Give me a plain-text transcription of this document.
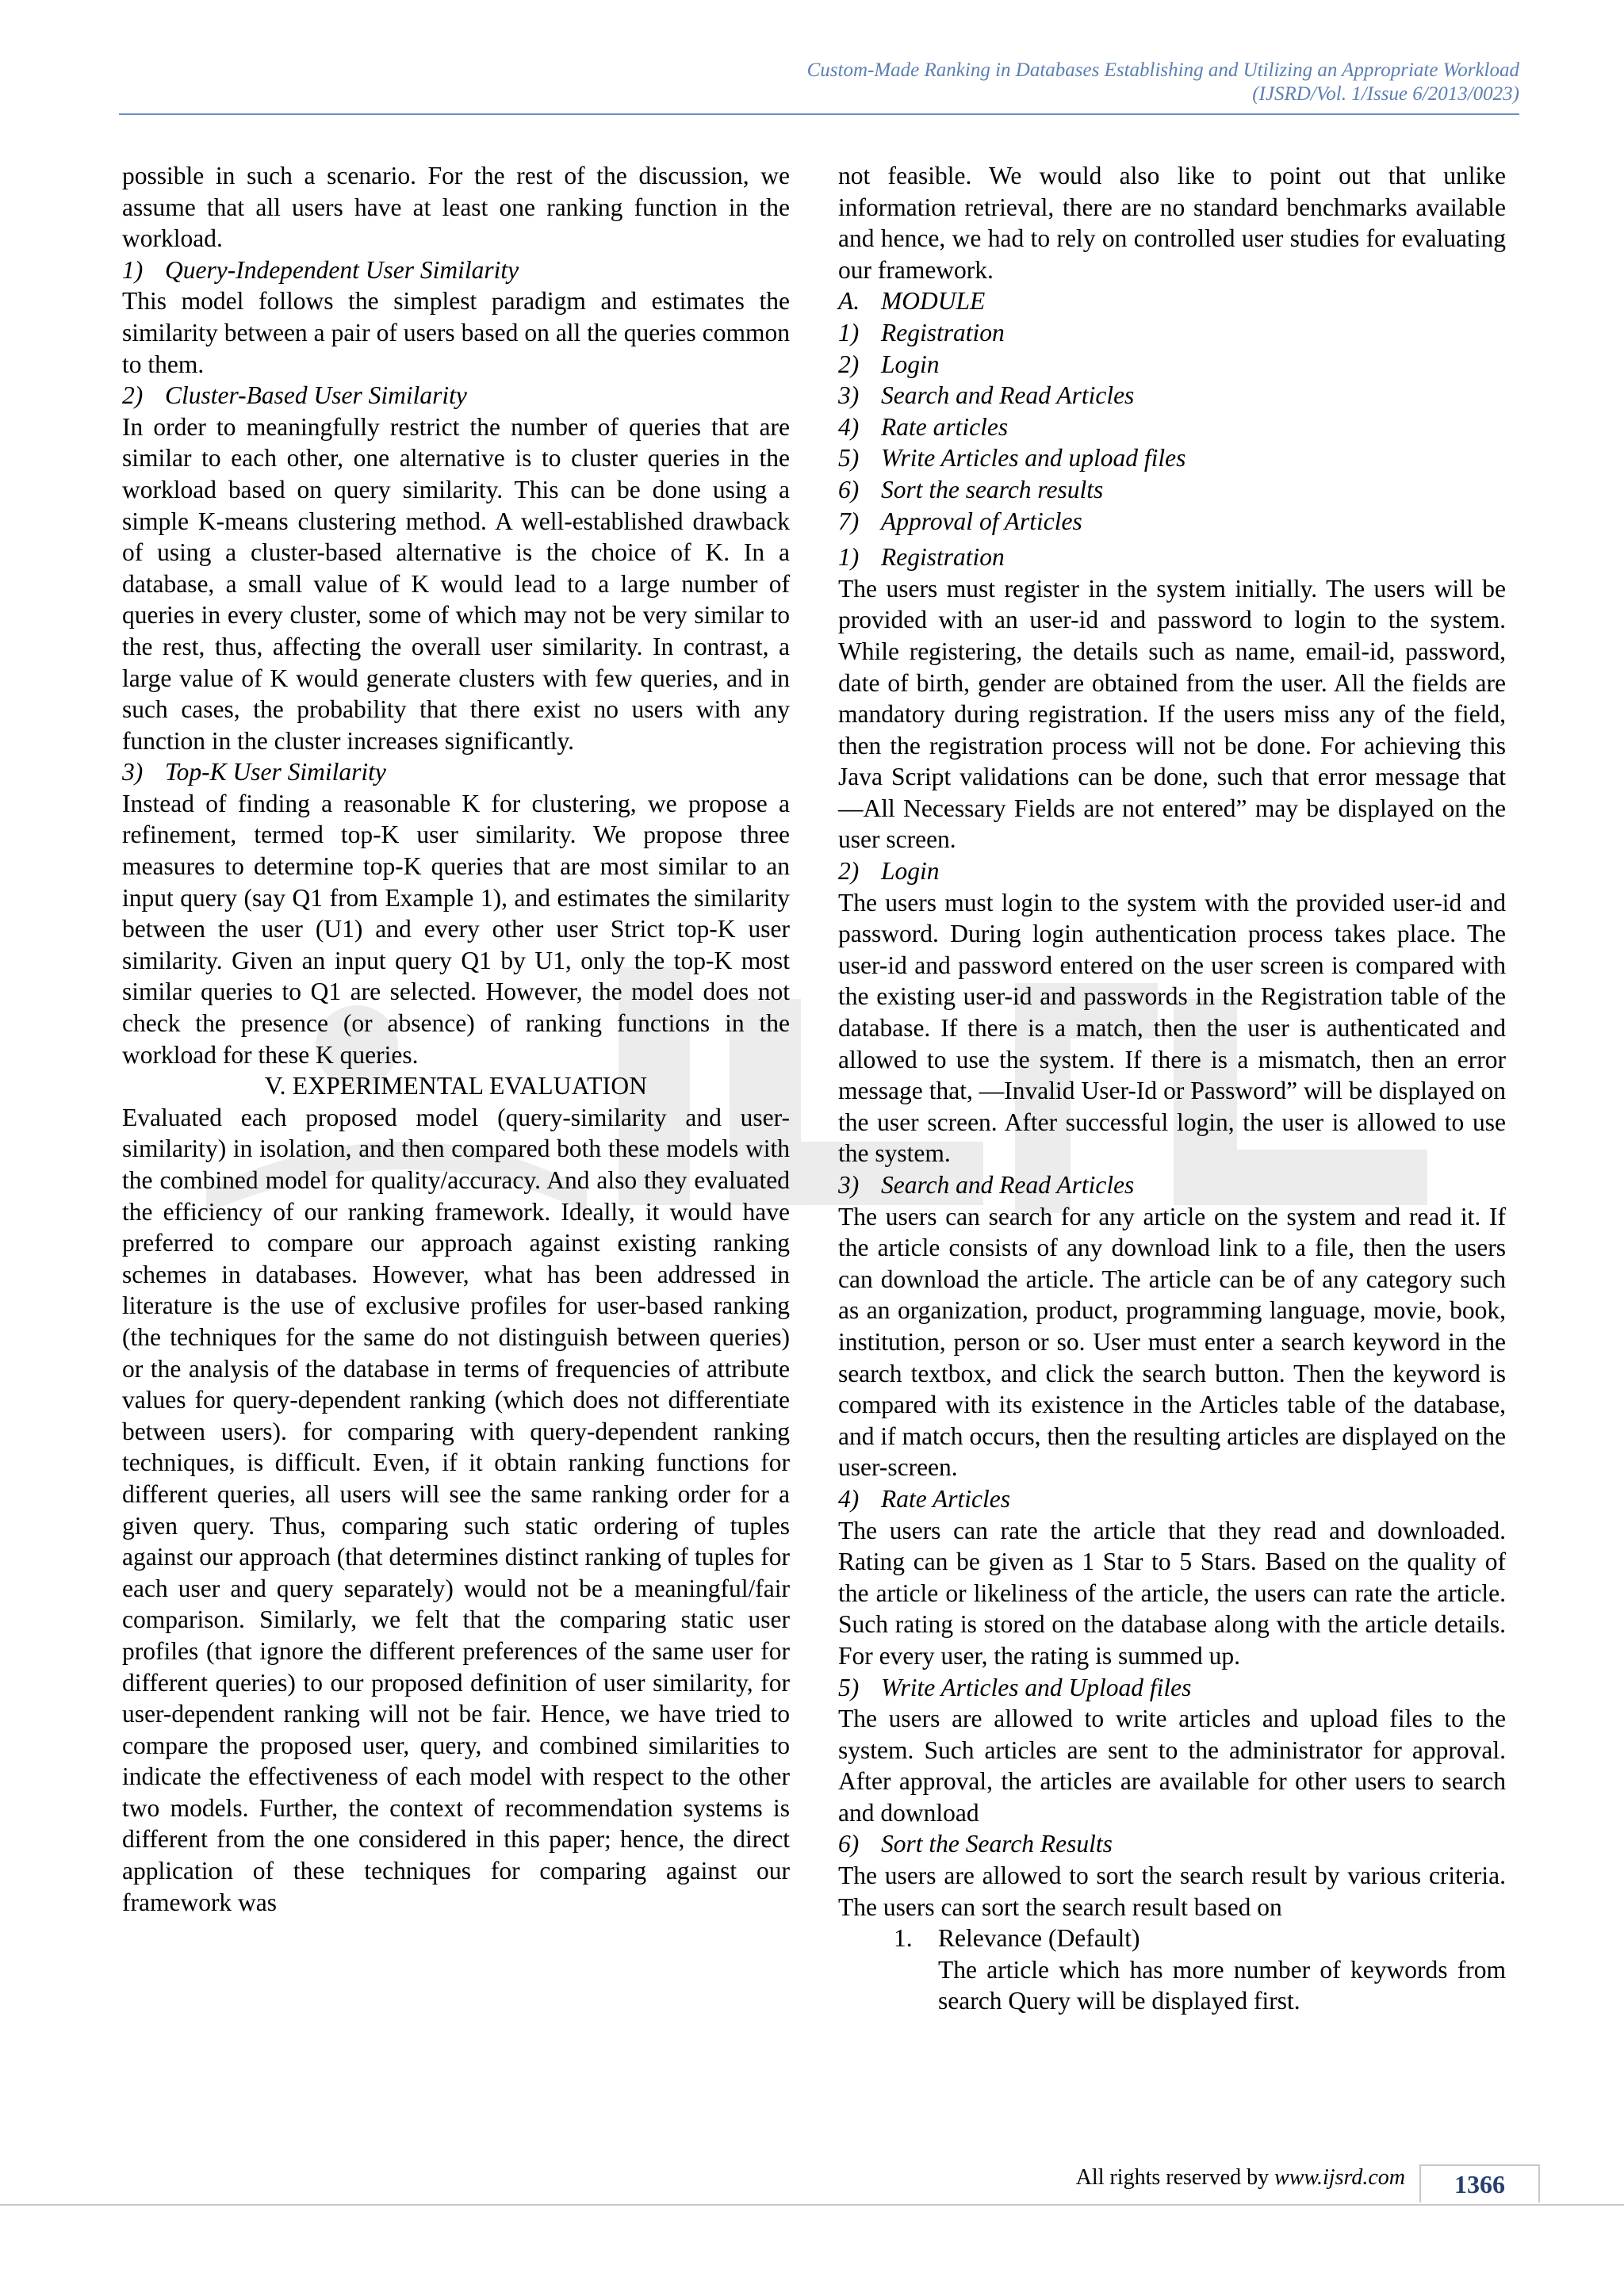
Custom-Made Ranking in Databases Establishing and Utilizing an Appropriate Workload
(IJSRD/Vol. 1/Issue 6/2013/0023)

possible in such a scenario. For the rest of the discussion, we assume that all users have at least one ranking function in the workload.

1) Query-Independent User Similarity

This model follows the simplest paradigm and estimates the similarity between a pair of users based on all the queries common to them.

2) Cluster-Based User Similarity

In order to meaningfully restrict the number of queries that are similar to each other, one alternative is to cluster queries in the workload based on query similarity. This can be done using a simple K-means clustering method. A well-established drawback of using a cluster-based alternative is the choice of K. In a database, a small value of K would lead to a large number of queries in every cluster, some of which may not be very similar to the rest, thus, affecting the overall user similarity. In contrast, a large value of K would generate clusters with few queries, and in such cases, the probability that there exist no users with any function in the cluster increases significantly.

3) Top-K User Similarity

Instead of finding a reasonable K for clustering, we propose a refinement, termed top-K user similarity. We propose three measures to determine top-K queries that are most similar to an input query (say Q1 from Example 1), and estimates the similarity between the user (U1) and every other user Strict top-K user similarity. Given an input query Q1 by U1, only the top-K most similar queries to Q1 are selected. However, the model does not check the presence (or absence) of ranking functions in the workload for these K queries.

V. EXPERIMENTAL EVALUATION

Evaluated each proposed model (query-similarity and user-similarity) in isolation, and then compared both these models with the combined model for quality/accuracy. And also they evaluated the efficiency of our ranking framework. Ideally, it would have preferred to compare our approach against existing ranking schemes in databases. However, what has been addressed in literature is the use of exclusive profiles for user-based ranking (the techniques for the same do not distinguish between queries) or the analysis of the database in terms of frequencies of attribute values for query-dependent ranking (which does not differentiate between users). for comparing with query-dependent ranking techniques, is difficult. Even, if it obtain ranking functions for different queries, all users will see the same ranking order for a given query. Thus, comparing such static ordering of tuples against our approach (that determines distinct ranking of tuples for each user and query separately) would not be a meaningful/fair comparison. Similarly, we felt that the comparing static user profiles (that ignore the different preferences of the same user for different queries) to our proposed definition of user similarity, for user-dependent ranking will not be fair. Hence, we have tried to compare the proposed user, query, and combined similarities to indicate the effectiveness of each model with respect to the other two models. Further, the context of recommendation systems is different from the one considered in this paper; hence, the direct application of these techniques for comparing against our framework was

not feasible. We would also like to point out that unlike information retrieval, there are no standard benchmarks available and hence, we had to rely on controlled user studies for evaluating our framework.

A. MODULE

1) Registration
2) Login
3) Search and Read Articles
4) Rate articles
5) Write Articles and upload files
6) Sort the search results
7) Approval of Articles

1) Registration

The users must register in the system initially. The users will be provided with an user-id and password to login to the system. While registering, the details such as name, email-id, password, date of birth, gender are obtained from the user. All the fields are mandatory during registration. If the users miss any of the field, then the registration process will not be done. For achieving this Java Script validations can be done, such that error message that ―All Necessary Fields are not entered” may be displayed on the user screen.

2) Login

The users must login to the system with the provided user-id and password. During login authentication process takes place. The user-id and password entered on the user screen is compared with the existing user-id and passwords in the Registration table of the database. If there is a match, then the user is authenticated and allowed to use the system. If there is a mismatch, then an error message that, ―Invalid User-Id or Password” will be displayed on the user screen. After successful login, the user is allowed to use the system.

3) Search and Read Articles

The users can search for any article on the system and read it. If the article consists of any download link to a file, then the users can download the article. The article can be of any category such as an organization, product, programming language, movie, book, institution, person or so. User must enter a search keyword in the search textbox, and click the search button. Then the keyword is compared with its existence in the Articles table of the database, and if match occurs, then the resulting articles are displayed on the user-screen.

4) Rate Articles

The users can rate the article that they read and downloaded. Rating can be given as 1 Star to 5 Stars. Based on the quality of the article or likeliness of the article, the users can rate the article. Such rating is stored on the database along with the article details. For every user, the rating is summed up.

5) Write Articles and Upload files

The users are allowed to write articles and upload files to the system. Such articles are sent to the administrator for approval. After approval, the articles are available for other users to search and download

6) Sort the Search Results

The users are allowed to sort the search result by various criteria. The users can sort the search result based on

1. Relevance (Default)

The article which has more number of keywords from search Query will be displayed first.

All rights reserved by www.ijsrd.com	1366
